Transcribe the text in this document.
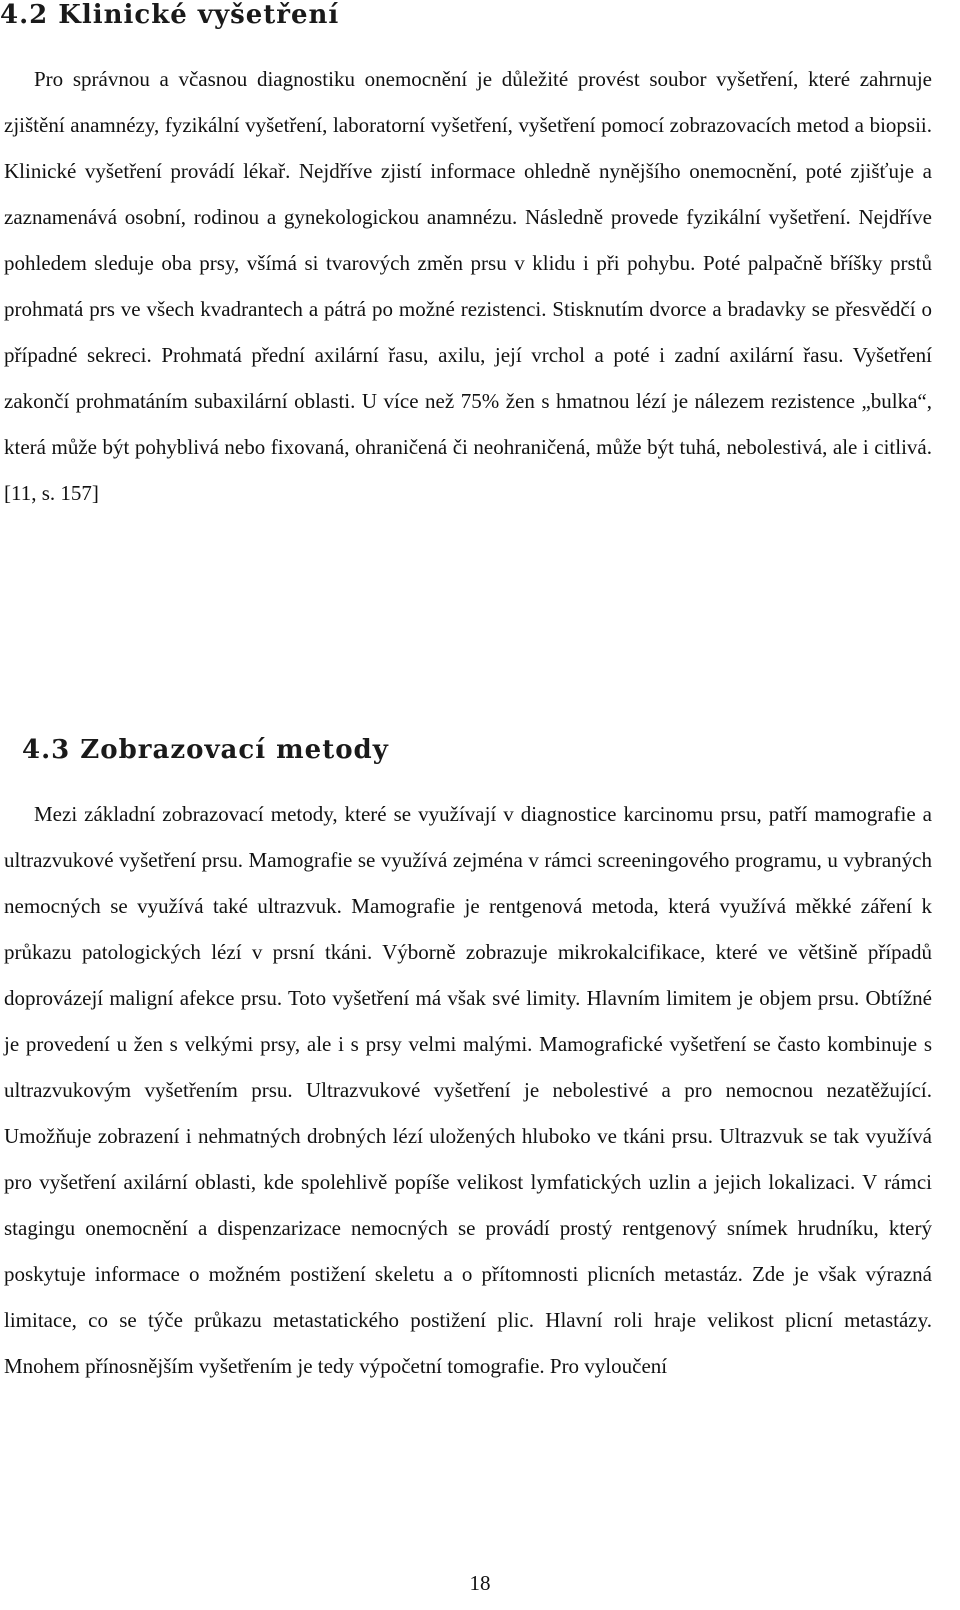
4.2 Klinické vyšetření

Pro správnou a včasnou diagnostiku onemocnění je důležité provést soubor vyšetření, které zahrnuje zjištění anamnézy, fyzikální vyšetření, laboratorní vyšetření, vyšetření pomocí zobrazovacích metod a biopsii. Klinické vyšetření provádí lékař. Nejdříve zjistí informace ohledně nynějšího onemocnění, poté zjišťuje a zaznamenává osobní, rodinou a gynekologickou anamnézu. Následně provede fyzikální vyšetření. Nejdříve pohledem sleduje oba prsy, všímá si tvarových změn prsu v klidu i při pohybu. Poté palpačně bříšky prstů prohmatá prs ve všech kvadrantech a pátrá po možné rezistenci. Stisknutím dvorce a bradavky se přesvědčí o případné sekreci. Prohmatá přední axilární řasu, axilu, její vrchol a poté i zadní axilární řasu. Vyšetření zakončí prohmatáním subaxilární oblasti. U více než 75% žen s hmatnou lézí je nálezem rezistence „bulka“, která může být pohyblivá nebo fixovaná, ohraničená či neohraničená, může být tuhá, nebolestivá, ale i citlivá. [11, s. 157]

4.3 Zobrazovací metody

Mezi základní zobrazovací metody, které se využívají v diagnostice karcinomu prsu, patří mamografie a ultrazvukové vyšetření prsu. Mamografie se využívá zejména v rámci screeningového programu, u vybraných nemocných se využívá také ultrazvuk. Mamografie je rentgenová metoda, která využívá měkké záření k průkazu patologických lézí v prsní tkáni. Výborně zobrazuje mikrokalcifikace, které ve většině případů doprovázejí maligní afekce prsu. Toto vyšetření má však své limity. Hlavním limitem je objem prsu. Obtížné je provedení u žen s velkými prsy, ale i s prsy velmi malými. Mamografické vyšetření se často kombinuje s ultrazvukovým vyšetřením prsu. Ultrazvukové vyšetření je nebolestivé a pro nemocnou nezatěžující. Umožňuje zobrazení i nehmatných drobných lézí uložených hluboko ve tkáni prsu. Ultrazvuk se tak využívá pro vyšetření axilární oblasti, kde spolehlivě popíše velikost lymfatických uzlin a jejich lokalizaci. V rámci stagingu onemocnění a dispenzarizace nemocných se provádí prostý rentgenový snímek hrudníku, který poskytuje informace o možném postižení skeletu a o přítomnosti plicních metastáz. Zde je však výrazná limitace, co se týče průkazu metastatického postižení plic. Hlavní roli hraje velikost plicní metastázy. Mnohem přínosnějším vyšetřením je tedy výpočetní tomografie. Pro vyloučení

18
